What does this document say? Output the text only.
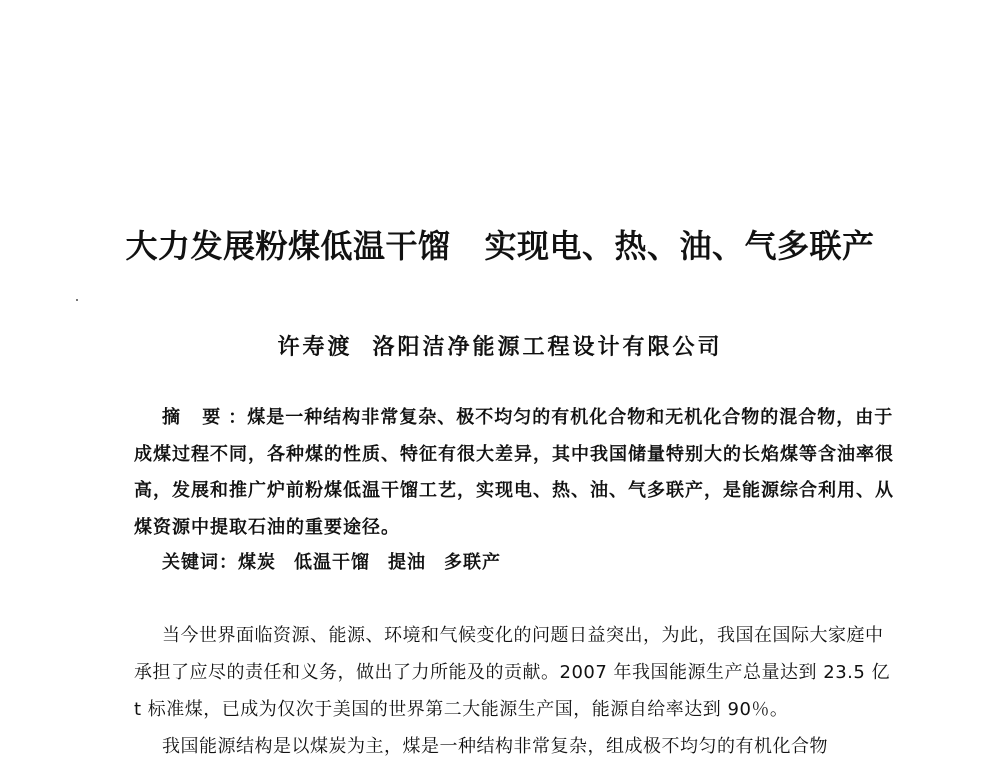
大力发展粉煤低温干馏 实现电、热、油、气多联产
许寿渡 洛阳洁净能源工程设计有限公司

摘 要：煤是一种结构非常复杂、极不均匀的有机化合物和无机化合物的混合物，由于成煤过程不同，各种煤的性质、特征有很大差异，其中我国储量特别大的长焰煤等含油率很高，发展和推广炉前粉煤低温干馏工艺，实现电、热、油、气多联产，是能源综合利用、从煤资源中提取石油的重要途径。

关键词：煤炭 低温干馏 提油 多联产

当今世界面临资源、能源、环境和气候变化的问题日益突出，为此，我国在国际大家庭中承担了应尽的责任和义务，做出了力所能及的贡献。2007 年我国能源生产总量达到 23.5 亿 t 标准煤，已成为仅次于美国的世界第二大能源生产国，能源自给率达到 90％。

我国能源结构是以煤炭为主，煤是一种结构非常复杂，组成极不均匀的有机化合物
